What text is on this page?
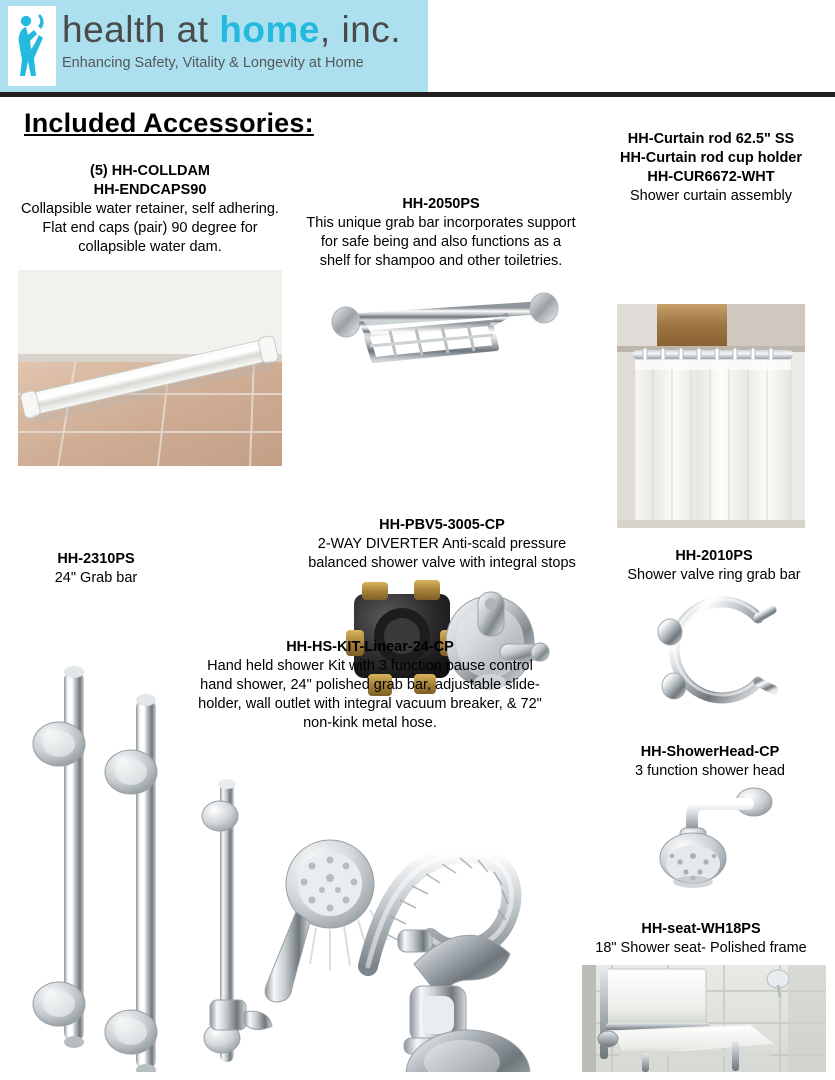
health at home, inc.
Enhancing Safety, Vitality & Longevity at Home
Included Accessories:
(5) HH-COLLDAM
HH-ENDCAPS90
Collapsible water retainer, self adhering. Flat end caps (pair) 90 degree for collapsible water dam.
HH-2050PS
This unique grab bar incorporates support for safe being and also functions as a shelf for shampoo and other toiletries.
HH-Curtain rod 62.5" SS
HH-Curtain rod cup holder
HH-CUR6672-WHT
Shower curtain assembly
HH-PBV5-3005-CP
2-WAY DIVERTER Anti-scald pressure balanced shower valve with integral stops	HH-2010PS
Shower valve ring grab bar
HH-2310PS
24" Grab bar
HH-HS-KIT-Linear-24-CP
Hand held shower Kit with 3 function pause control hand shower, 24" polished grab bar, adjustable slide-holder, wall outlet with integral vacuum breaker, & 72" non-kink metal hose.
HH-ShowerHead-CP
3 function shower head
HH-seat-WH18PS
18" Shower seat- Polished frame
